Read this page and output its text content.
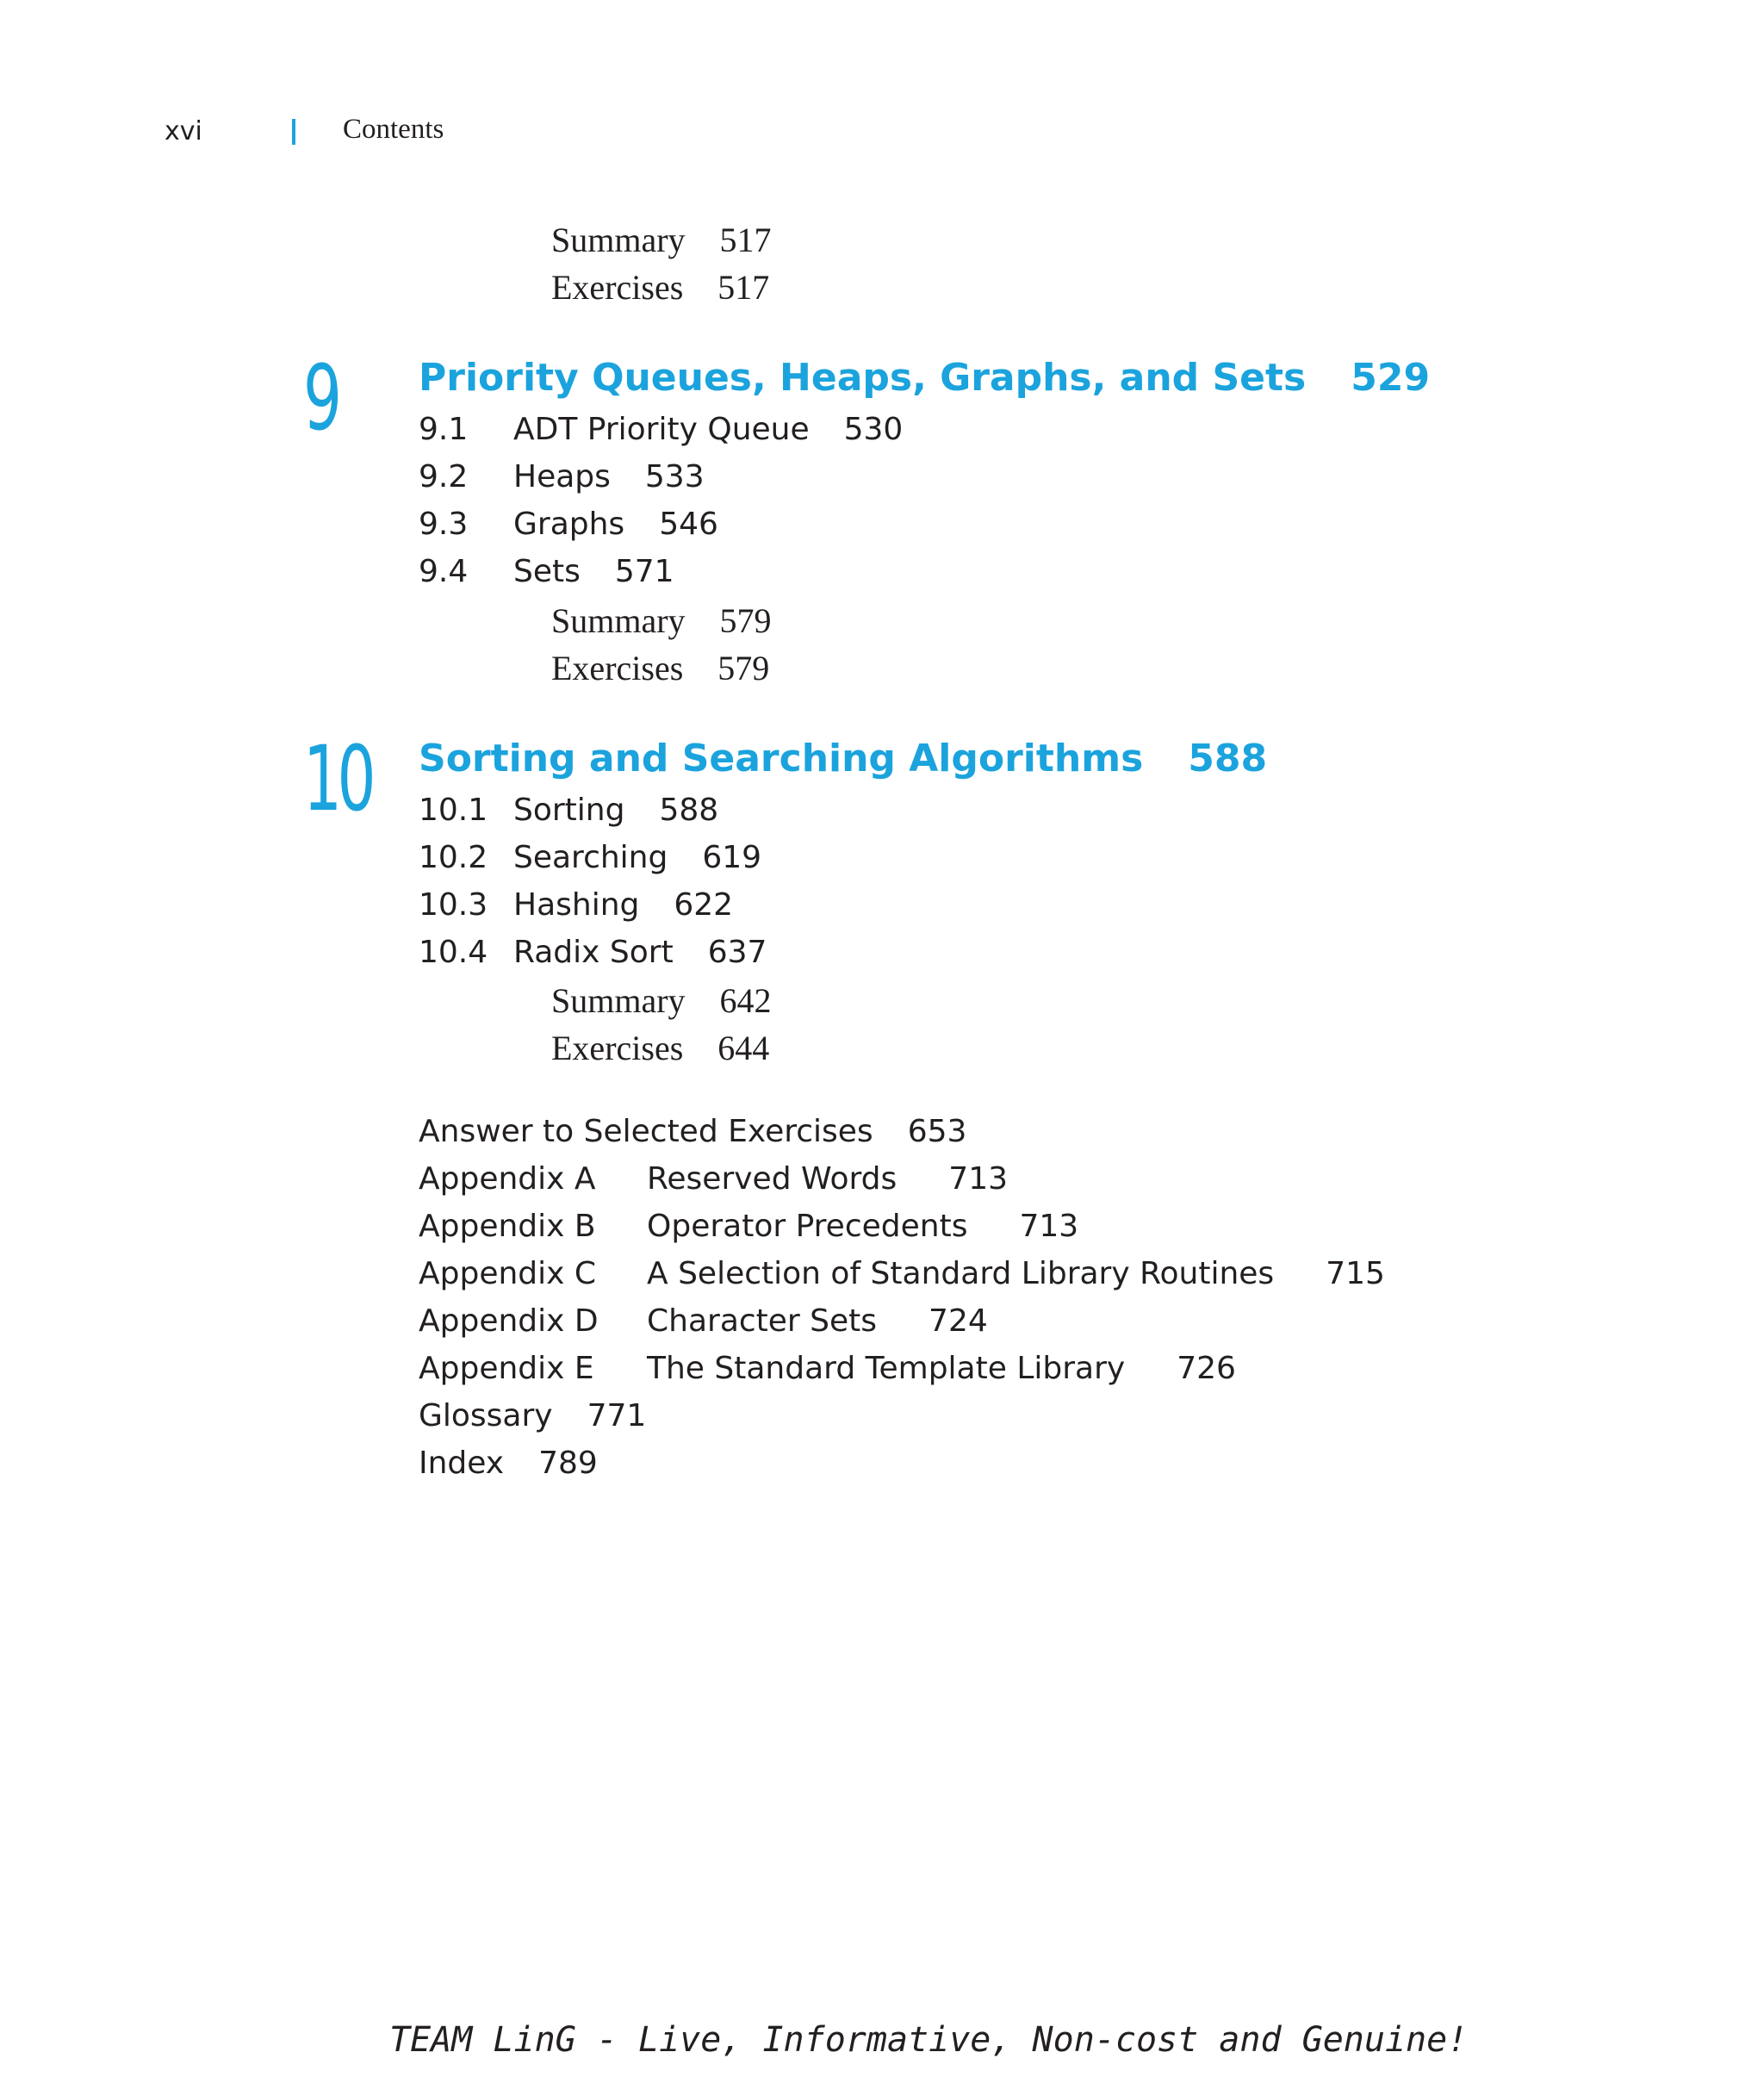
xvi	Contents
Summary 517
Exercises 517
9 Priority Queues, Heaps, Graphs, and Sets 529
9.1	ADT Priority Queue 530
9.2	Heaps 533
9.3	Graphs 546
9.4	Sets 571
Summary 579
Exercises 579
10 Sorting and Searching Algorithms 588
10.1 Sorting 588
10.2 Searching 619
10.3 Hashing 622
10.4 Radix Sort 637
Summary 642
Exercises 644
Answer to Selected Exercises 653
Appendix A	Reserved Words 713
Appendix B	Operator Precedents 713
Appendix C	A Selection of Standard Library Routines 715
Appendix D	Character Sets 724
Appendix E	The Standard Template Library 726
Glossary 771
Index 789
TEAM LinG - Live, Informative, Non-cost and Genuine!
